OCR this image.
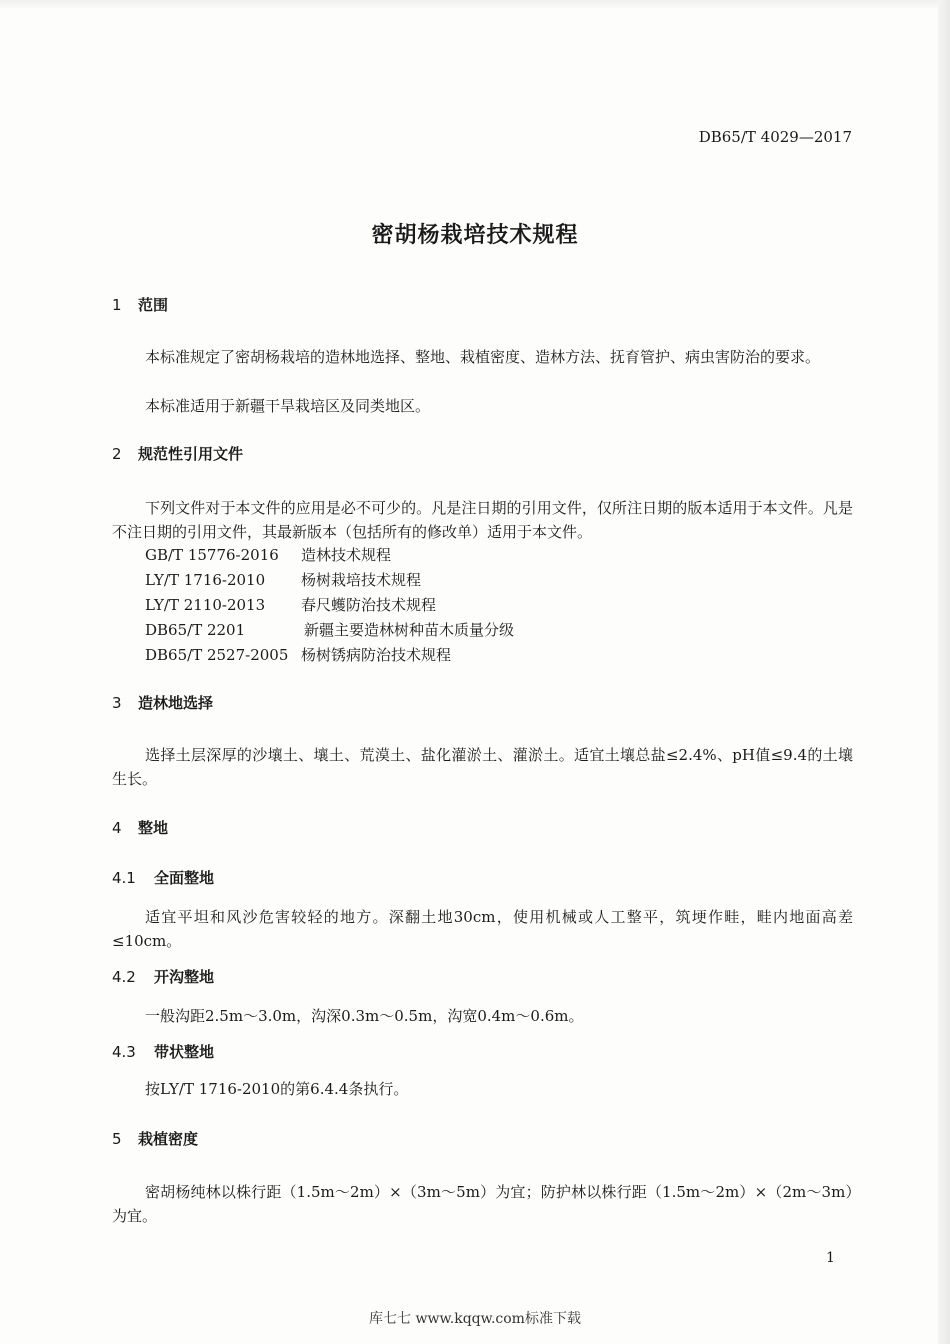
DB65/T 4029—2017
密胡杨栽培技术规程
1 范围
本标准规定了密胡杨栽培的造林地选择、整地、栽植密度、造林方法、抚育管护、病虫害防治的要求。
本标准适用于新疆干旱栽培区及同类地区。
2 规范性引用文件
下列文件对于本文件的应用是必不可少的。凡是注日期的引用文件，仅所注日期的版本适用于本文件。凡是不注日期的引用文件，其最新版本（包括所有的修改单）适用于本文件。
GB/T 15776-2016 造林技术规程
LY/T 1716-2010 杨树栽培技术规程
LY/T 2110-2013 春尺蠖防治技术规程
DB65/T 2201	新疆主要造林树种苗木质量分级
DB65/T 2527-2005 杨树锈病防治技术规程
3 造林地选择
选择土层深厚的沙壤土、壤土、荒漠土、盐化灌淤土、灌淤土。适宜土壤总盐≤2.4%、pH值≤9.4的土壤生长。
4 整地
4.1 全面整地
适宜平坦和风沙危害较轻的地方。深翻土地30cm，使用机械或人工整平，筑埂作畦，畦内地面高差≤10cm。
4.2 开沟整地
一般沟距2.5m～3.0m，沟深0.3m～0.5m，沟宽0.4m～0.6m。
4.3 带状整地
按LY/T 1716-2010的第6.4.4条执行。
5 栽植密度
密胡杨纯林以株行距（1.5m～2m）×（3m～5m）为宜；防护林以株行距（1.5m～2m）×（2m～3m）为宜。
1
库七七 www.kqqw.com标准下载
